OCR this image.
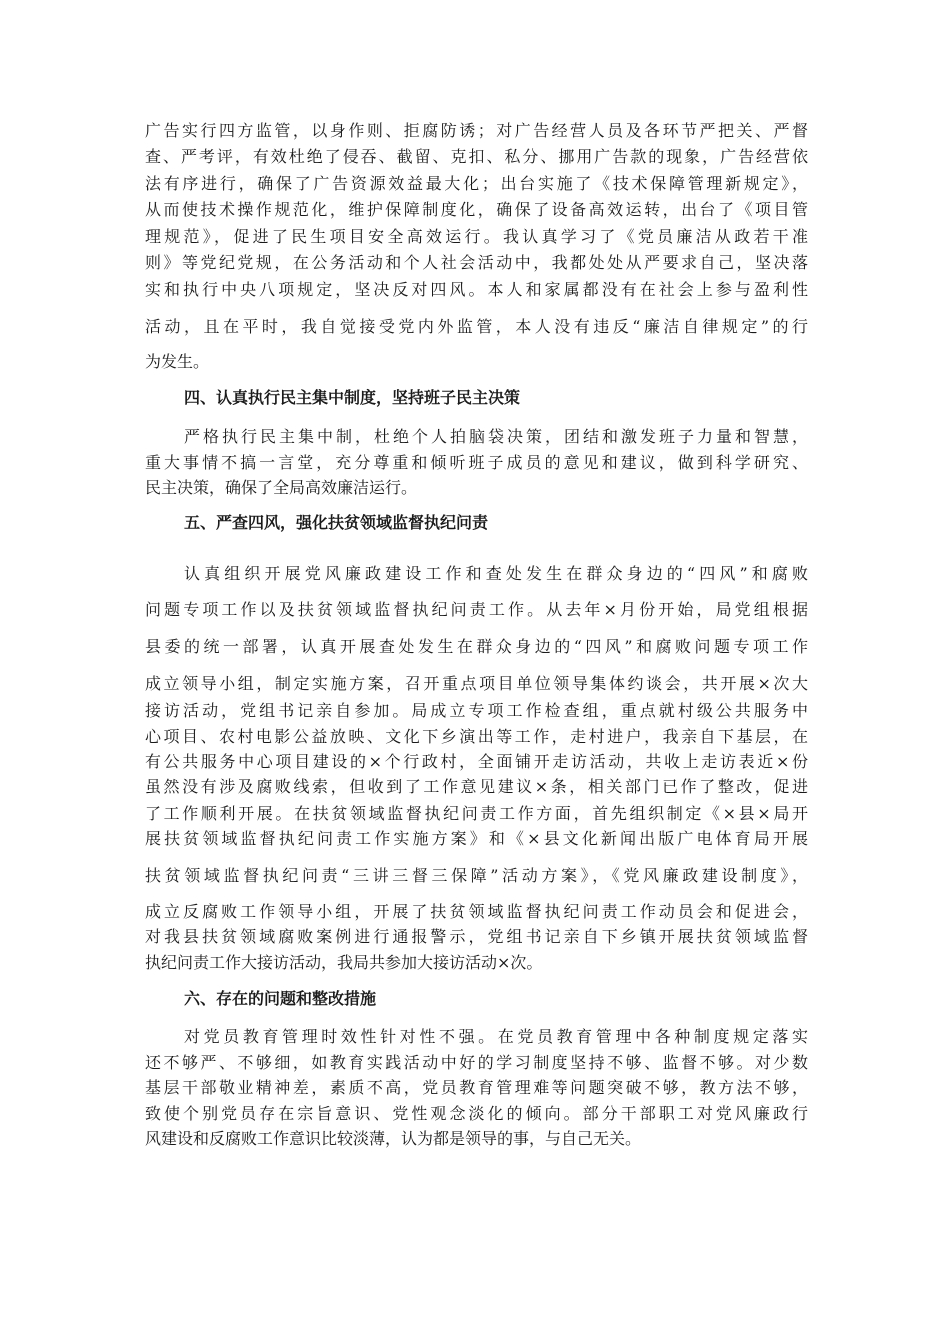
广告实行四方监管，以身作则、拒腐防诱；对广告经营人员及各环节严把关、严督
查、严考评，有效杜绝了侵吞、截留、克扣、私分、挪用广告款的现象，广告经营依
法有序进行，确保了广告资源效益最大化；出台实施了《技术保障管理新规定》，
从而使技术操作规范化，维护保障制度化，确保了设备高效运转，出台了《项目管
理规范》，促进了民生项目安全高效运行。我认真学习了《党员廉洁从政若干准
则》等党纪党规，在公务活动和个人社会活动中，我都处处从严要求自己，坚决落
实和执行中央八项规定，坚决反对四风。本人和家属都没有在社会上参与盈利性
活动，且在平时，我自觉接受党内外监管，本人没有违反“廉洁自律规定”的行
为发生。
四、认真执行民主集中制度，坚持班子民主决策
严格执行民主集中制，杜绝个人拍脑袋决策，团结和激发班子力量和智慧，
重大事情不搞一言堂，充分尊重和倾听班子成员的意见和建议，做到科学研究、
民主决策，确保了全局高效廉洁运行。
五、严查四风，强化扶贫领域监督执纪问责
认真组织开展党风廉政建设工作和查处发生在群众身边的“四风”和腐败
问题专项工作以及扶贫领域监督执纪问责工作。从去年×月份开始，局党组根据
县委的统一部署，认真开展查处发生在群众身边的“四风”和腐败问题专项工作
成立领导小组，制定实施方案，召开重点项目单位领导集体约谈会，共开展×次大
接访活动，党组书记亲自参加。局成立专项工作检查组，重点就村级公共服务中
心项目、农村电影公益放映、文化下乡演出等工作，走村进户，我亲自下基层，在
有公共服务中心项目建设的×个行政村，全面铺开走访活动，共收上走访表近×份
虽然没有涉及腐败线索，但收到了工作意见建议×条，相关部门已作了整改，促进
了工作顺利开展。在扶贫领域监督执纪问责工作方面，首先组织制定《×县×局开
展扶贫领域监督执纪问责工作实施方案》和《×县文化新闻出版广电体育局开展
扶贫领域监督执纪问责“三讲三督三保障”活动方案》，《党风廉政建设制度》，
成立反腐败工作领导小组，开展了扶贫领域监督执纪问责工作动员会和促进会，
对我县扶贫领域腐败案例进行通报警示，党组书记亲自下乡镇开展扶贫领域监督
执纪问责工作大接访活动，我局共参加大接访活动×次。
六、存在的问题和整改措施
对党员教育管理时效性针对性不强。在党员教育管理中各种制度规定落实
还不够严、不够细，如教育实践活动中好的学习制度坚持不够、监督不够。对少数
基层干部敬业精神差，素质不高，党员教育管理难等问题突破不够，教方法不够，
致使个别党员存在宗旨意识、党性观念淡化的倾向。部分干部职工对党风廉政行
风建设和反腐败工作意识比较淡薄，认为都是领导的事，与自己无关。
